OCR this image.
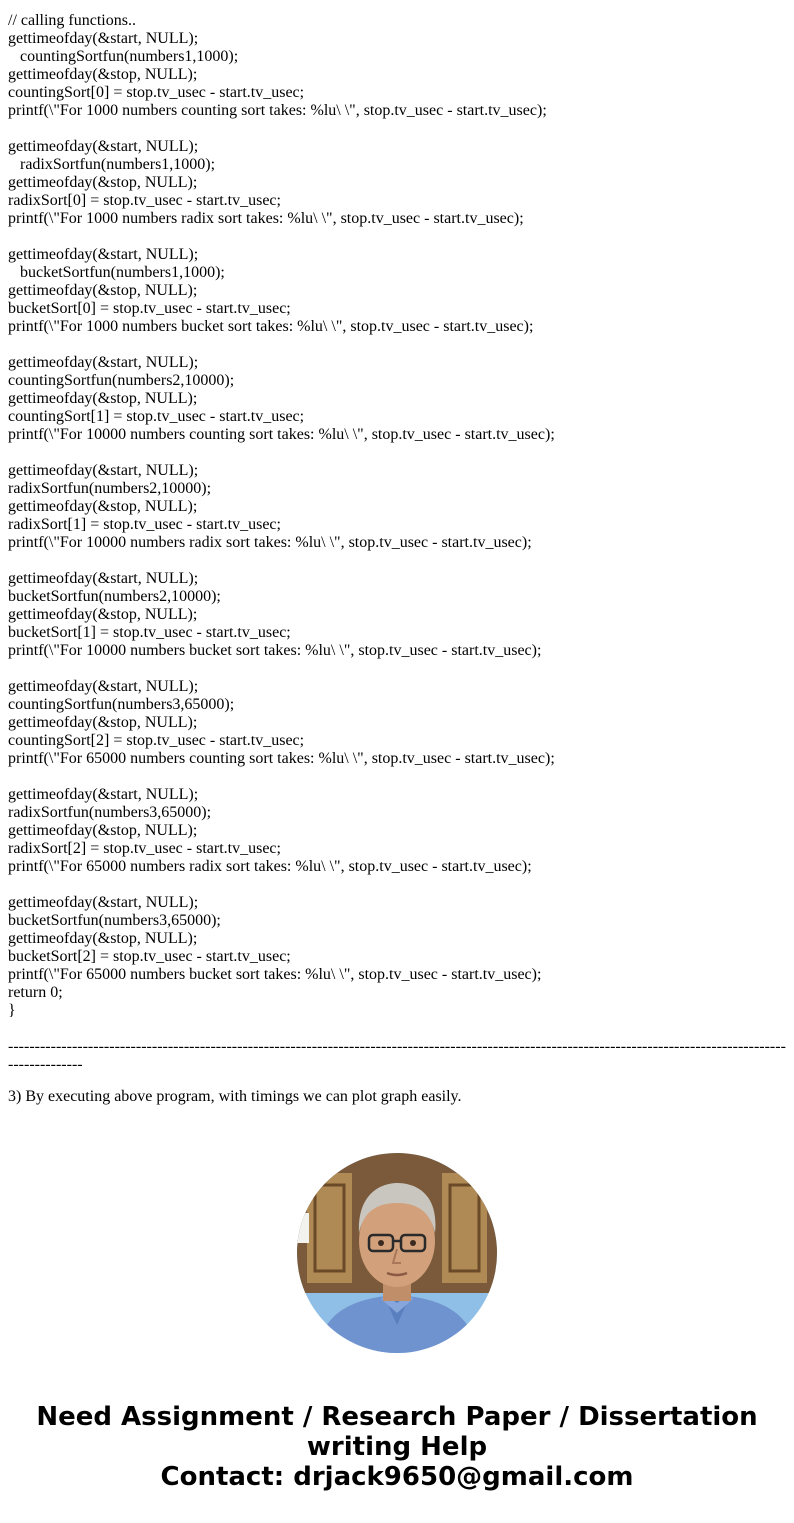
// calling functions..
gettimeofday(&start, NULL);
countingSortfun(numbers1,1000);
gettimeofday(&stop, NULL);
countingSort[0] = stop.tv_usec - start.tv_usec;
printf(\"For 1000 numbers counting sort takes: %lu\ \", stop.tv_usec - start.tv_usec);
gettimeofday(&start, NULL);
radixSortfun(numbers1,1000);
gettimeofday(&stop, NULL);
radixSort[0] = stop.tv_usec - start.tv_usec;
printf(\"For 1000 numbers radix sort takes: %lu\ \", stop.tv_usec - start.tv_usec);
gettimeofday(&start, NULL);
bucketSortfun(numbers1,1000);
gettimeofday(&stop, NULL);
bucketSort[0] = stop.tv_usec - start.tv_usec;
printf(\"For 1000 numbers bucket sort takes: %lu\ \", stop.tv_usec - start.tv_usec);
gettimeofday(&start, NULL);
countingSortfun(numbers2,10000);
gettimeofday(&stop, NULL);
countingSort[1] = stop.tv_usec - start.tv_usec;
printf(\"For 10000 numbers counting sort takes: %lu\ \", stop.tv_usec - start.tv_usec);
gettimeofday(&start, NULL);
radixSortfun(numbers2,10000);
gettimeofday(&stop, NULL);
radixSort[1] = stop.tv_usec - start.tv_usec;
printf(\"For 10000 numbers radix sort takes: %lu\ \", stop.tv_usec - start.tv_usec);
gettimeofday(&start, NULL);
bucketSortfun(numbers2,10000);
gettimeofday(&stop, NULL);
bucketSort[1] = stop.tv_usec - start.tv_usec;
printf(\"For 10000 numbers bucket sort takes: %lu\ \", stop.tv_usec - start.tv_usec);
gettimeofday(&start, NULL);
countingSortfun(numbers3,65000);
gettimeofday(&stop, NULL);
countingSort[2] = stop.tv_usec - start.tv_usec;
printf(\"For 65000 numbers counting sort takes: %lu\ \", stop.tv_usec - start.tv_usec);
gettimeofday(&start, NULL);
radixSortfun(numbers3,65000);
gettimeofday(&stop, NULL);
radixSort[2] = stop.tv_usec - start.tv_usec;
printf(\"For 65000 numbers radix sort takes: %lu\ \", stop.tv_usec - start.tv_usec);
gettimeofday(&start, NULL);
bucketSortfun(numbers3,65000);
gettimeofday(&stop, NULL);
bucketSort[2] = stop.tv_usec - start.tv_usec;
printf(\"For 65000 numbers bucket sort takes: %lu\ \", stop.tv_usec - start.tv_usec);
return 0;
}
----------------------------------------------------------------------------------------------------------------------------------------------------------------
3) By executing above program, with timings we can plot graph easily.
Need Assignment / Research Paper / Dissertation
writing Help
Contact: drjack9650@gmail.com
